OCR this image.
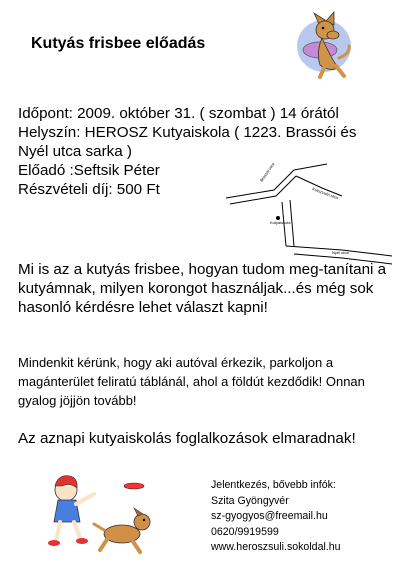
Kutyás frisbee előadás
Időpont: 2009. október 31. ( szombat ) 14 órától
Helyszín: HEROSZ Kutyaiskola ( 1223. Brassói és
Nyél utca sarka )
Előadó :Seftsik Péter
Részvételi díj: 500 Ft
Kutyaiskola
Brassói utca
Kolozsvári utca
Nyél utca
Mi is az a kutyás frisbee, hogyan tudom meg-tanítani a kutyámnak, milyen korongot használjak...és még sok hasonló kérdésre lehet választ kapni!
Mindenkit kérünk, hogy aki autóval érkezik, parkoljon a magánterület feliratú táblánál, ahol a földút kezdődik! Onnan gyalog jöjjön tovább!
Az aznapi kutyaiskolás foglalkozások elmaradnak!
Jelentkezés, bővebb infók:
Szita Gyöngyvér
sz-gyogyos@freemail.hu
0620/9919599
www.heroszsuli.sokoldal.hu
